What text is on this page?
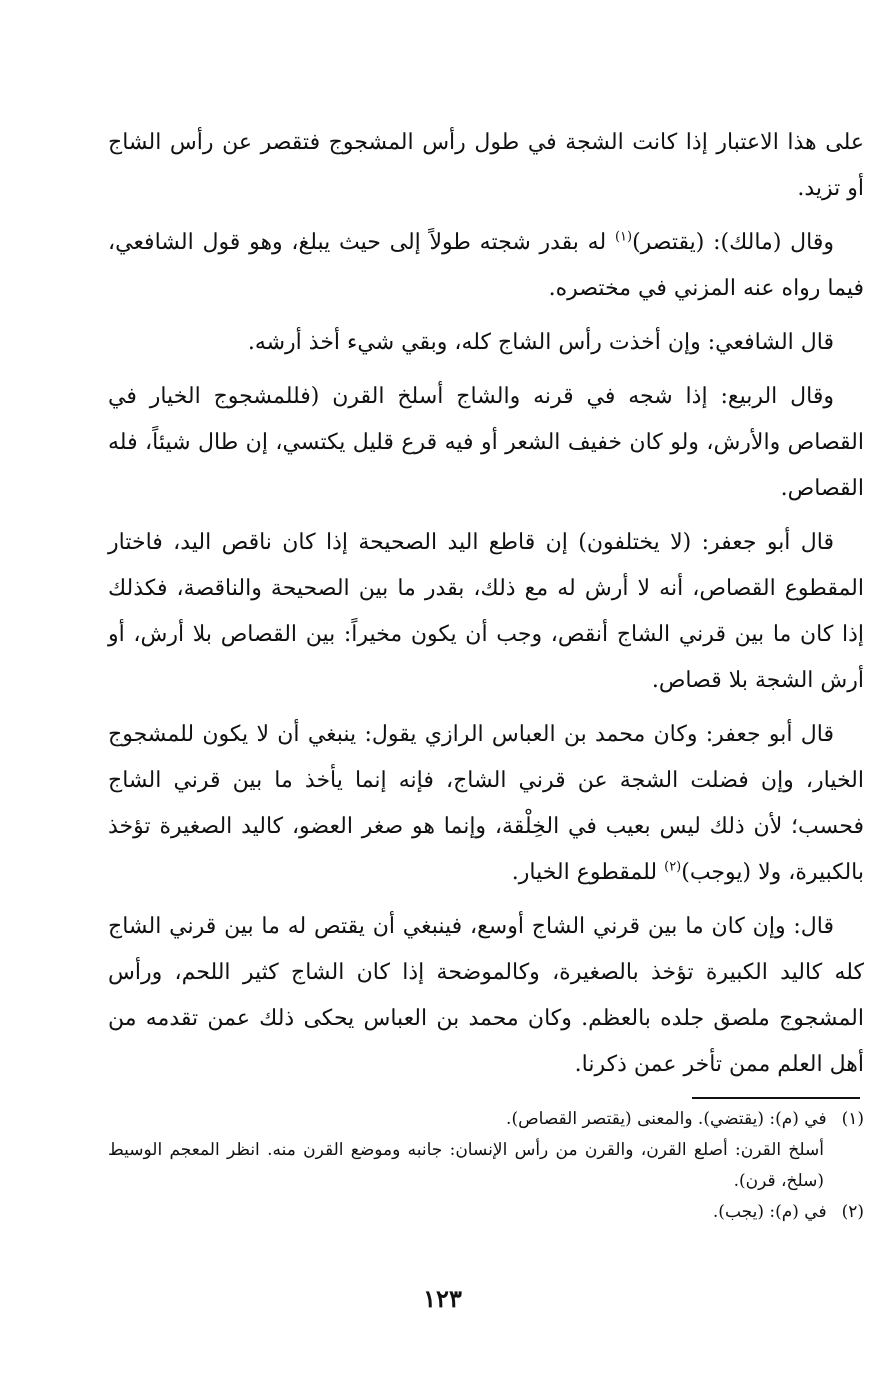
على هذا الاعتبار إذا كانت الشجة في طول رأس المشجوج فتقصر عن رأس الشاج أو تزيد.

وقال (مالك): (يقتصر)$^{(١)}$ له بقدر شجته طولاً إلى حيث يبلغ، وهو قول الشافعي، فيما رواه عنه المزني في مختصره.

قال الشافعي: وإن أخذت رأس الشاج كله، وبقي شيء أخذ أرشه.

وقال الربيع: إذا شجه في قرنه والشاج أسلخ القرن (فللمشجوج الخيار في القصاص والأرش، ولو كان خفيف الشعر أو فيه قرع قليل يكتسي، إن طال شيئاً، فله القصاص.

قال أبو جعفر: (لا يختلفون) إن قاطع اليد الصحيحة إذا كان ناقص اليد، فاختار المقطوع القصاص، أنه لا أرش له مع ذلك، بقدر ما بين الصحيحة والناقصة، فكذلك إذا كان ما بين قرني الشاج أنقص، وجب أن يكون مخيراً: بين القصاص بلا أرش، أو أرش الشجة بلا قصاص.

قال أبو جعفر: وكان محمد بن العباس الرازي يقول: ينبغي أن لا يكون للمشجوج الخيار، وإن فضلت الشجة عن قرني الشاج، فإنه إنما يأخذ ما بين قرني الشاج فحسب؛ لأن ذلك ليس بعيب في الخِلْقة، وإنما هو صغر العضو، كاليد الصغيرة تؤخذ بالكبيرة، ولا (يوجب)$^{(٢)}$ للمقطوع الخيار.

قال: وإن كان ما بين قرني الشاج أوسع، فينبغي أن يقتص له ما بين قرني الشاج كله كاليد الكبيرة تؤخذ بالصغيرة، وكالموضحة إذا كان الشاج كثير اللحم، ورأس المشجوج ملصق جلده بالعظم. وكان محمد بن العباس يحكى ذلك عمن تقدمه من أهل العلم ممن تأخر عمن ذكرنا.

(١) في (م): (يقتضي). والمعنى (يقتصر القصاص).

أسلخ القرن: أصلع القرن، والقرن من رأس الإنسان: جانبه وموضع القرن منه. انظر المعجم الوسيط (سلخ، قرن).

(٢) في (م): (يجب).

١٢٣
